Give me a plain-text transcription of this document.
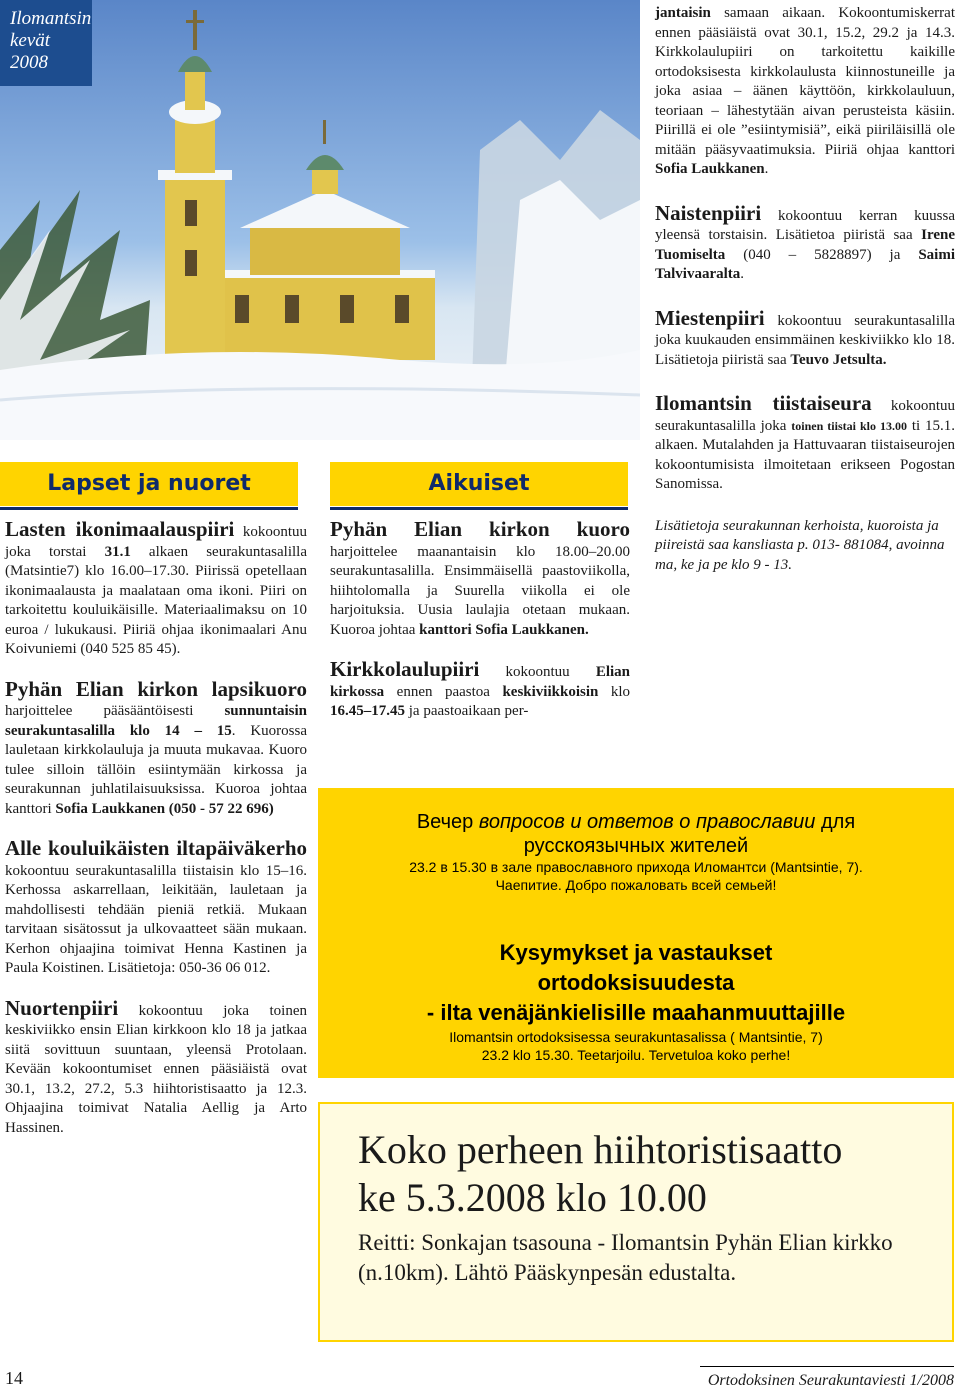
Ilomantsin
kevät
2008
Lapset ja nuoret

Lasten ikonimaalauspiiri kokoontuu joka torstai 31.1 alkaen seurakuntasalilla (Matsintie7) klo 16.00–17.30. Piirissä opetellaan ikonimaalausta ja maalataan oma ikoni. Piiri on tarkoitettu kouluikäisille. Materiaalimaksu on 10 euroa / lukukausi. Piiriä ohjaa ikonimaalari Anu Koivuniemi (040 525 85 45).

Pyhän Elian kirkon lapsikuoro harjoittelee pääsääntöisesti sunnuntaisin seurakuntasalilla klo 14 – 15. Kuorossa lauletaan kirkkolauluja ja muuta mukavaa. Kuoro tulee silloin tällöin esiintymään kirkossa ja seurakunnan juhlatilaisuuksissa. Kuoroa johtaa kanttori Sofia Laukkanen (050 - 57 22 696)

Alle kouluikäisten iltapäiväkerho kokoontuu seurakuntasalilla tiistaisin klo 15–16. Kerhossa askarrellaan, leikitään, lauletaan ja mahdollisesti tehdään pieniä retkiä. Mukaan tarvitaan sisätossut ja ulkovaatteet sään mukaan. Kerhon ohjaajina toimivat Henna Kastinen ja Paula Koistinen. Lisätietoja: 050-36 06 012.

Nuortenpiiri kokoontuu joka toinen keskiviikko ensin Elian kirkkoon klo 18 ja jatkaa siitä sovittuun suuntaan, yleensä Protolaan. Kevään kokoontumiset ennen pääsiäistä ovat 30.1, 13.2, 27.2, 5.3 hiihtoristisaatto ja 12.3. Ohjaajina toimivat Natalia Aellig ja Arto Hassinen.

Aikuiset

Pyhän Elian kirkon kuoro harjoittelee maanantaisin klo 18.00–20.00 seurakuntasalilla. Ensimmäisellä paastoviikolla, hiihtolomalla ja Suurella viikolla ei ole harjoituksia. Uusia laulajia otetaan mukaan. Kuoroa johtaa kanttori Sofia Laukkanen.

Kirkkolaulupiiri kokoontuu Elian kirkossa ennen paastoa keskiviikkoisin klo 16.45–17.45 ja paastoaikaan per-

jantaisin samaan aikaan. Kokoontumiskerrat ennen pääsiäistä ovat 30.1, 15.2, 29.2 ja 14.3. Kirkkolaulupiiri on tarkoitettu kaikille ortodoksisesta kirkkolaulusta kiinnostuneille ja joka asiaa – äänen käyttöön, kirkkolauluun, teoriaan – lähestytään aivan perusteista käsiin. Piirillä ei ole ”esiintymisiä”, eikä piiriläisillä ole mitään pääsyvaatimuksia. Piiriä ohjaa kanttori Sofia Laukkanen.

Naistenpiiri kokoontuu kerran kuussa yleensä torstaisin. Lisätietoa piiristä saa Irene Tuomiselta (040 – 5828897) ja Saimi Talvivaaralta.

Miestenpiiri kokoontuu seurakuntasalilla joka kuukauden ensimmäinen keskiviikko klo 18. Lisätietoja piiristä saa Teuvo Jetsulta.

Ilomantsin tiistaiseura kokoontuu seurakuntasalilla joka toinen tiistai klo 13.00 ti 15.1. alkaen. Mutalahden ja Hattuvaaran tiistaiseurojen kokoontumisista ilmoitetaan erikseen Pogostan Sanomissa.

Lisätietoja seurakunnan kerhoista, kuoroista ja piireistä saa kansliasta p. 013- 881084, avoinna ma, ke ja pe klo 9 - 13.

Вечер вопросов и ответов о православии для
русскоязычных жителей
23.2 в 15.30 в зале православного прихода Иломантси (Mantsintie, 7).
Чаепитие. Добро пожаловать всей семьей!
Kysymykset ja vastaukset
ortodoksisuudesta
- ilta venäjänkielisille maahanmuuttajille
Ilomantsin ortodoksisessa seurakuntasalissa ( Mantsintie, 7)
23.2 klo 15.30. Teetarjoilu. Tervetuloa koko perhe!
Koko perheen hiihtoristisaatto
ke 5.3.2008 klo 10.00
Reitti: Sonkajan tsasouna - Ilomantsin Pyhän Elian kirkko (n.10km). Lähtö Pääskynpesän edustalta.
14	Ortodoksinen Seurakuntaviesti 1/2008
